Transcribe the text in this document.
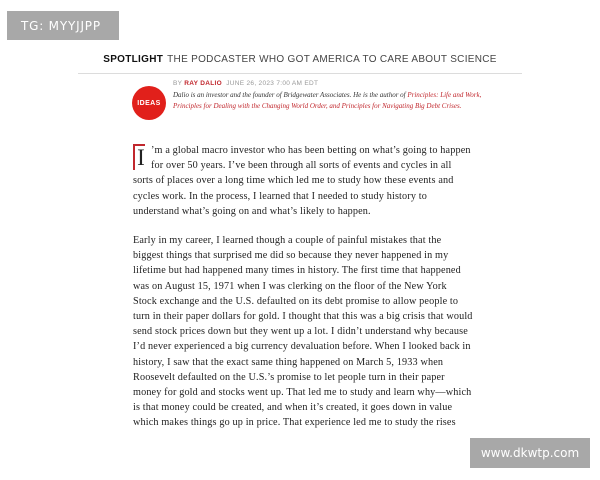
TG: MYYJJPP
SPOTLIGHT THE PODCASTER WHO GOT AMERICA TO CARE ABOUT SCIENCE
IDEAS
BY RAY DALIO JUNE 26, 2023 7:00 AM EDT
Dalio is an investor and the founder of Bridgewater Associates. He is the author of Principles: Life and Work, Principles for Dealing with the Changing World Order, and Principles for Navigating Big Debt Crises.

I ’m a global macro investor who has been betting on what’s going to happen for over 50 years. I’ve been through all sorts of events and cycles in all sorts of places over a long time which led me to study how these events and cycles work. In the process, I learned that I needed to study history to understand what’s going on and what’s likely to happen.

Early in my career, I learned though a couple of painful mistakes that the biggest things that surprised me did so because they never happened in my lifetime but had happened many times in history. The first time that happened was on August 15, 1971 when I was clerking on the floor of the New York Stock exchange and the U.S. defaulted on its debt promise to allow people to turn in their paper dollars for gold. I thought that this was a big crisis that would send stock prices down but they went up a lot. I didn’t understand why because I’d never experienced a big currency devaluation before. When I looked back in history, I saw that the exact same thing happened on March 5, 1933 when Roosevelt defaulted on the U.S.’s promise to let people turn in their paper money for gold and stocks went up. That led me to study and learn why—which is that money could be created, and when it’s created, it goes down in value which makes things go up in price. That experience led me to study the rises

www.dkwtp.com
